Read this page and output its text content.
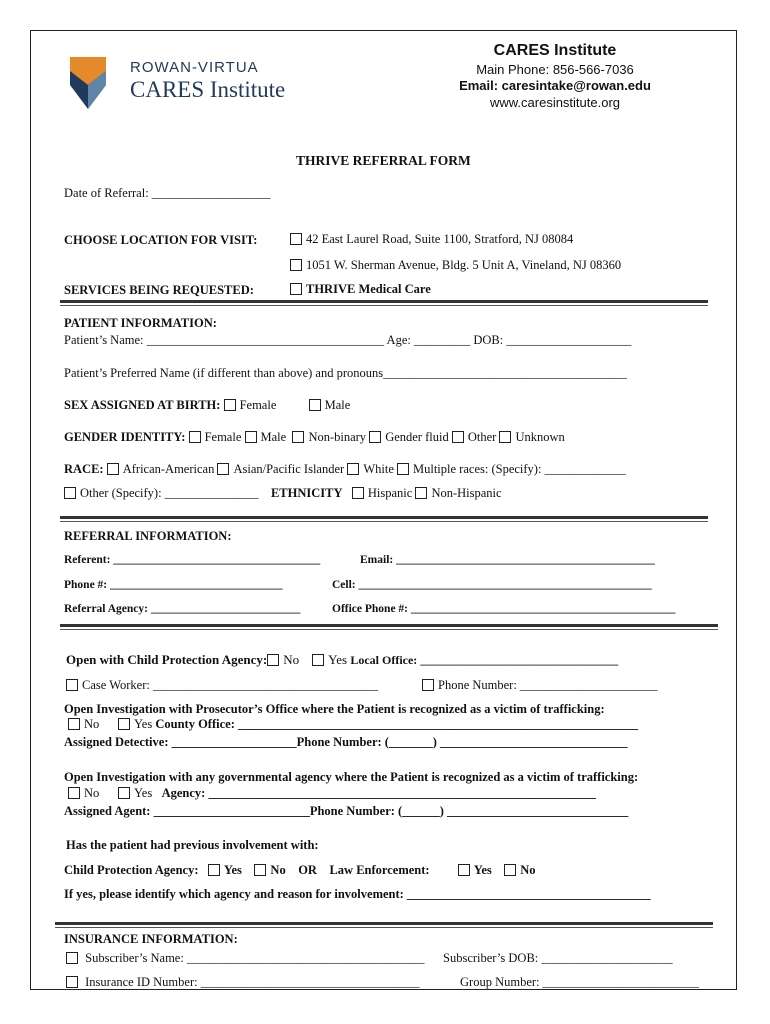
ROWAN-VIRTUA
CARES Institute
CARES Institute
Main Phone: 856-566-7036
Email: caresintake@rowan.edu
www.caresinstitute.org
THRIVE REFERRAL FORM
Date of Referral: ___________________
CHOOSE LOCATION FOR VISIT:	42 East Laurel Road, Suite 1100, Stratford, NJ 08084
1051 W. Sherman Avenue, Bldg. 5 Unit A, Vineland, NJ 08360
SERVICES BEING REQUESTED:	THRIVE Medical Care
PATIENT INFORMATION:
Patient’s Name: ______________________________________ Age: _________ DOB: ____________________
Patient’s Preferred Name (if different than above) and pronouns_______________________________________
SEX ASSIGNED AT BIRTH: Female	Male
GENDER IDENTITY: Female Male Non-binary Gender fluid Other Unknown
RACE: African-American Asian/Pacific Islander White Multiple races: (Specify): _____________
Other (Specify): _______________ ETHNICITY Hispanic Non-Hispanic
REFERRAL INFORMATION:
Referent: ____________________________________	Email: _____________________________________________
Phone #: ______________________________	Cell: ___________________________________________________
Referral Agency: __________________________	Office Phone #: ______________________________________________
Open with Child Protection Agency: No Yes Local Office: _________________________________
Case Worker: ____________________________________	Phone Number: ______________________
Open Investigation with Prosecutor’s Office where the Patient is recognized as a victim of trafficking:
No	Yes County Office: ________________________________________________________________
Assigned Detective: ____________________Phone Number: (_______) ______________________________
Open Investigation with any governmental agency where the Patient is recognized as a victim of trafficking:
No	Yes Agency: ______________________________________________________________
Assigned Agent: _________________________Phone Number: (______) _____________________________
Has the patient had previous involvement with:
Child Protection Agency: Yes No OR Law Enforcement:	Yes No
If yes, please identify which agency and reason for involvement: _______________________________________
INSURANCE INFORMATION:
Subscriber’s Name: ______________________________________ Subscriber’s DOB: _____________________
Insurance ID Number: ___________________________________	Group Number: _________________________
